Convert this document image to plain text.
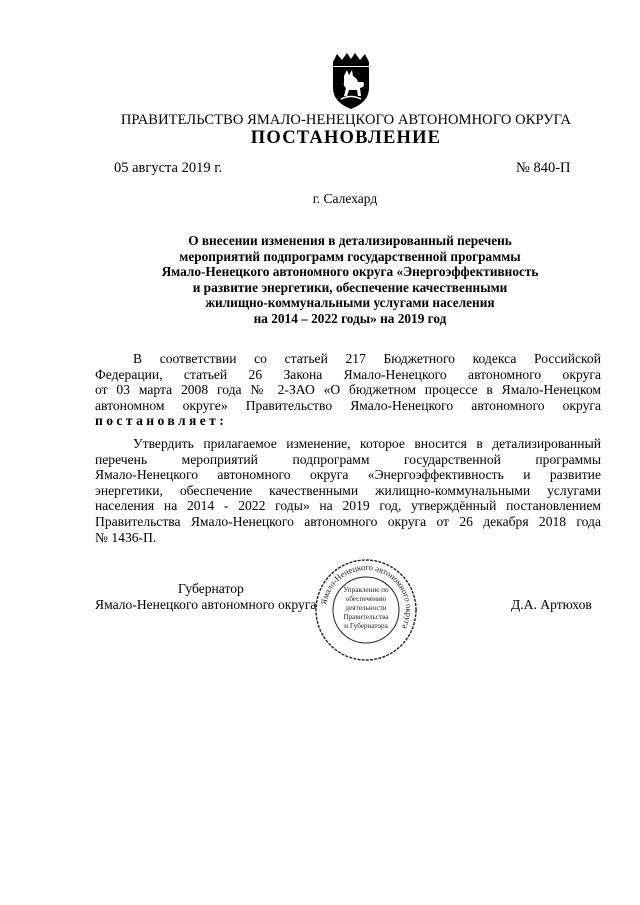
ПРАВИТЕЛЬСТВО ЯМАЛО-НЕНЕЦКОГО АВТОНОМНОГО ОКРУГА
ПОСТАНОВЛЕНИЕ
05 августа 2019 г.	№ 840-П
г. Салехард
О внесении изменения в детализированный перечень
мероприятий подпрограмм государственной программы
Ямало-Ненецкого автономного округа «Энергоэффективность
и развитие энергетики, обеспечение качественными
жилищно-коммунальными услугами населения
на 2014 – 2022 годы» на 2019 год
В соответствии со статьей 217 Бюджетного кодекса Российской
Федерации, статьей 26 Закона Ямало-Ненецкого автономного округа
от 03 марта 2008 года № 2-ЗАО «О бюджетном процессе в Ямало-Ненецком
автономном округе» Правительство Ямало-Ненецкого автономного округа
постановляет:
Утвердить прилагаемое изменение, которое вносится в детализированный
перечень мероприятий подпрограмм государственной программы
Ямало-Ненецкого автономного округа «Энергоэффективность и развитие
энергетики, обеспечение качественными жилищно-коммунальными услугами
населения на 2014 - 2022 годы» на 2019 год, утверждённый постановлением
Правительства Ямало-Ненецкого автономного округа от 26 декабря 2018 года
№ 1436-П.
Губернатор
Ямало-Ненецкого автономного округа	Д.А. Артюхов
Ямало-Ненецкого автономного округа
Управление по
обеспечению
деятельности
Правительства
и Губернатора
